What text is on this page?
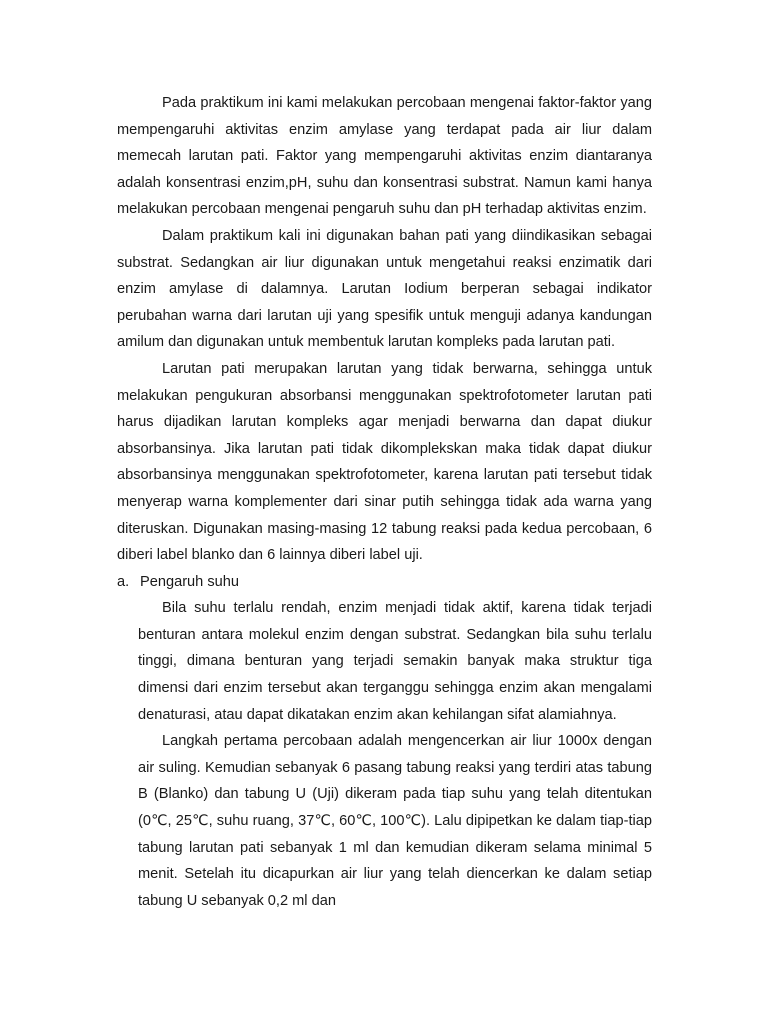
Pada praktikum ini kami melakukan percobaan mengenai faktor-faktor yang mempengaruhi aktivitas enzim amylase yang terdapat pada air liur dalam memecah larutan pati. Faktor yang mempengaruhi aktivitas enzim diantaranya adalah konsentrasi enzim,pH, suhu dan konsentrasi substrat. Namun kami hanya melakukan percobaan mengenai pengaruh suhu dan pH terhadap aktivitas enzim.

Dalam praktikum kali ini digunakan bahan pati yang diindikasikan sebagai substrat. Sedangkan air liur digunakan untuk mengetahui reaksi enzimatik dari enzim amylase di dalamnya. Larutan Iodium berperan sebagai indikator perubahan warna dari larutan uji yang spesifik untuk menguji adanya kandungan amilum dan digunakan untuk membentuk larutan kompleks pada larutan pati.

Larutan pati merupakan larutan yang tidak berwarna, sehingga untuk melakukan pengukuran absorbansi menggunakan spektrofotometer larutan pati harus dijadikan larutan kompleks agar menjadi berwarna dan dapat diukur absorbansinya. Jika larutan pati tidak dikomplekskan maka tidak dapat diukur absorbansinya menggunakan spektrofotometer, karena larutan pati tersebut tidak menyerap warna komplementer dari sinar putih sehingga tidak ada warna yang diteruskan. Digunakan masing-masing 12 tabung reaksi pada kedua percobaan, 6 diberi label blanko dan 6 lainnya diberi label uji.

a. Pengaruh suhu

Bila suhu terlalu rendah, enzim menjadi tidak aktif, karena tidak terjadi benturan antara molekul enzim dengan substrat. Sedangkan bila suhu terlalu tinggi, dimana benturan yang terjadi semakin banyak maka struktur tiga dimensi dari enzim tersebut akan terganggu sehingga enzim akan mengalami denaturasi, atau dapat dikatakan enzim akan kehilangan sifat alamiahnya.

Langkah pertama percobaan adalah mengencerkan air liur 1000x dengan air suling. Kemudian sebanyak 6 pasang tabung reaksi yang terdiri atas tabung B (Blanko) dan tabung U (Uji) dikeram pada tiap suhu yang telah ditentukan (0℃, 25℃, suhu ruang, 37℃, 60℃, 100℃). Lalu dipipetkan ke dalam tiap-tiap tabung larutan pati sebanyak 1 ml dan kemudian dikeram selama minimal 5 menit. Setelah itu dicapurkan air liur yang telah diencerkan ke dalam setiap tabung U sebanyak 0,2 ml dan
